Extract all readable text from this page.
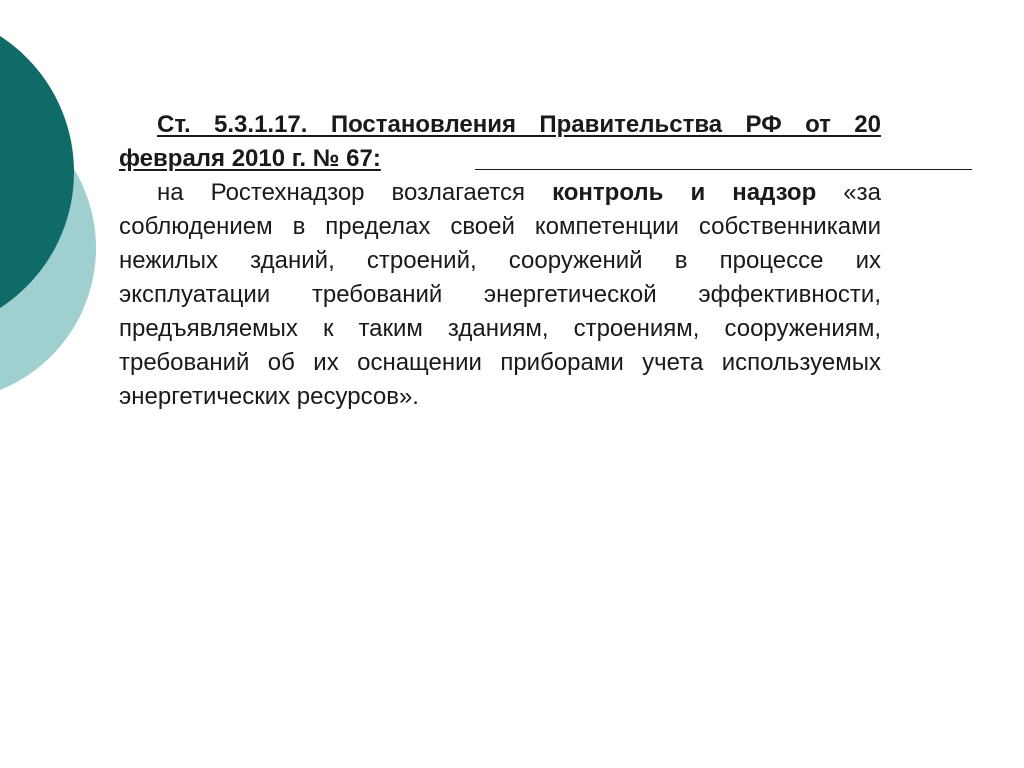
Ст. 5.3.1.17. Постановления Правительства РФ от 20 февраля 2010 г. № 67:

на Ростехнадзор возлагается контроль и надзор «за соблюдением в пределах своей компетенции собственниками нежилых зданий, строений, сооружений в процессе их эксплуатации требований энергетической эффективности, предъявляемых к таким зданиям, строениям, сооружениям, требований об их оснащении приборами учета используемых энергетических ресурсов».
